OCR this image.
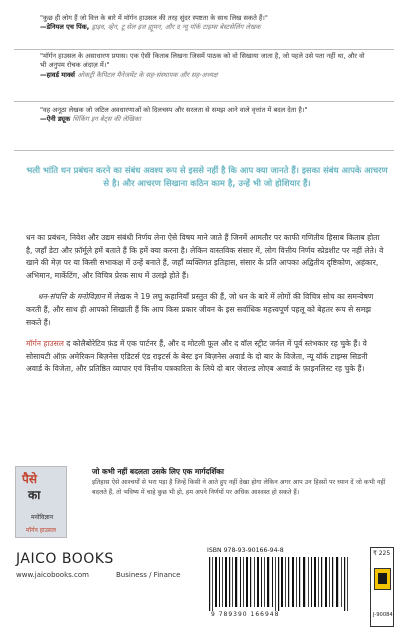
"कुछ ही लोग हैं जो वित्त के बारे में मॉर्गन हाउसल की तरह सुंदर स्पष्टता के साथ लिख सकते हैं।"
—डेनियल एच पिंक, ड्राइव, व्हेन, टू सेल इज ह्यूमन, और द न्यू यॉर्क टाइम्स बेस्टसेलिंग लेखक
"मॉर्गन हाउसल के असाधारण प्रयास। एक ऐसी किताब लिखना जिसमें पाठक को वो सिखाया जाता है, जो पहले उसे पता नहीं था, और वो भी अनुपम रोचक अंदाज़ में।"
—हावर्ड मार्क्स ओकट्री कैपिटल मैनेजमेंट के सह-संस्थापक और सह-अध्यक्ष
"वह अनूठा लेखक जो जटिल अवधारणाओं को दिलचस्प और सरलता से समझ आने वाले वृत्तांत में बदल देता है।"
—ऐनी ड्यूक थिंकिंग इन बेट्स की लेखिका
भली भांति धन प्रबंधन करने का संबंध अवश्य रूप से इससे नहीं है कि आप क्या जानते हैं। इसका संबंध आपके आचरण से है। और आचरण सिखाना कठिन काम है, उन्हें भी जो होशियार हैं।

धन का प्रबंधन, निवेश और उद्यम संबंधी निर्णय लेना ऐसे विषय माने जाते हैं जिनमें आमतौर पर काफी गणितीय हिसाब किताब होता है, जहाँ डेटा और फ़ॉर्मूले हमें बताते हैं कि हमें क्या करना है। लेकिन वास्तविक संसार में, लोग वित्तीय निर्णय स्प्रेडशीट पर नहीं लेते। वे खाने की मेज़ पर या किसी सभाकक्ष में उन्हें बनाते हैं, जहाँ व्यक्तिगत इतिहास, संसार के प्रति आपका अद्वितीय दृष्टिकोण, अहंकार, अभिमान, मार्केटिंग, और विचित्र प्रेरक साथ में उलझे होते हैं।

धन-संपत्ति के मनोविज्ञान में लेखक ने 19 लघु कहानियाँ प्रस्तुत की हैं, जो धन के बारे में लोगों की विचित्र सोच का समन्वेषण करती हैं, और साथ ही आपको सिखाती हैं कि आप किस प्रकार जीवन के इस सर्वाधिक महत्त्वपूर्ण पहलू को बेहतर रूप से समझ सकते हैं।

मॉर्गन हाउसल द कोलैबोरेटिव फ़ंड में एक पार्टनर हैं, और द मोटली फ़ूल और द वॉल स्ट्रीट जर्नल में पूर्व स्तंभकार रह चुके हैं। वे सोसायटी ऑफ़ अमेरिकन बिज़नेस एडिटर्स एंड राइटर्स के बेस्ट इन बिज़नेस अवार्ड के दो बार के विजेता, न्यू यॉर्क टाइम्स सिडनी अवार्ड के विजेता, और प्रतिष्ठित व्यापार एवं वित्तीय पत्रकारिता के लिये दो बार जेराल्ड लोएब अवार्ड के फ़ाइनलिस्ट रह चुके हैं।

पैसे
का
मनोविज्ञान
मॉर्गन हाउसल
जो कभी नहीं बदलता उसके लिए एक मार्गदर्शिका
इतिहास ऐसे आश्चर्यों से भरा पड़ा है जिन्हें किसी ने आते हुए नहीं देखा होगा लेकिन अगर आप उन हिस्सों पर ध्यान दें जो कभी नहीं बदलते हैं, तो भविष्य में चाहे कुछ भी हो, हम अपने निर्णयों पर अधिक आश्वस्त हो सकते हैं।
JAICO BOOKS
www.jaicobooks.com	Business / Finance
ISBN 978-93-90166-94-8
9 789390 166948
₹ 225
J-90084
